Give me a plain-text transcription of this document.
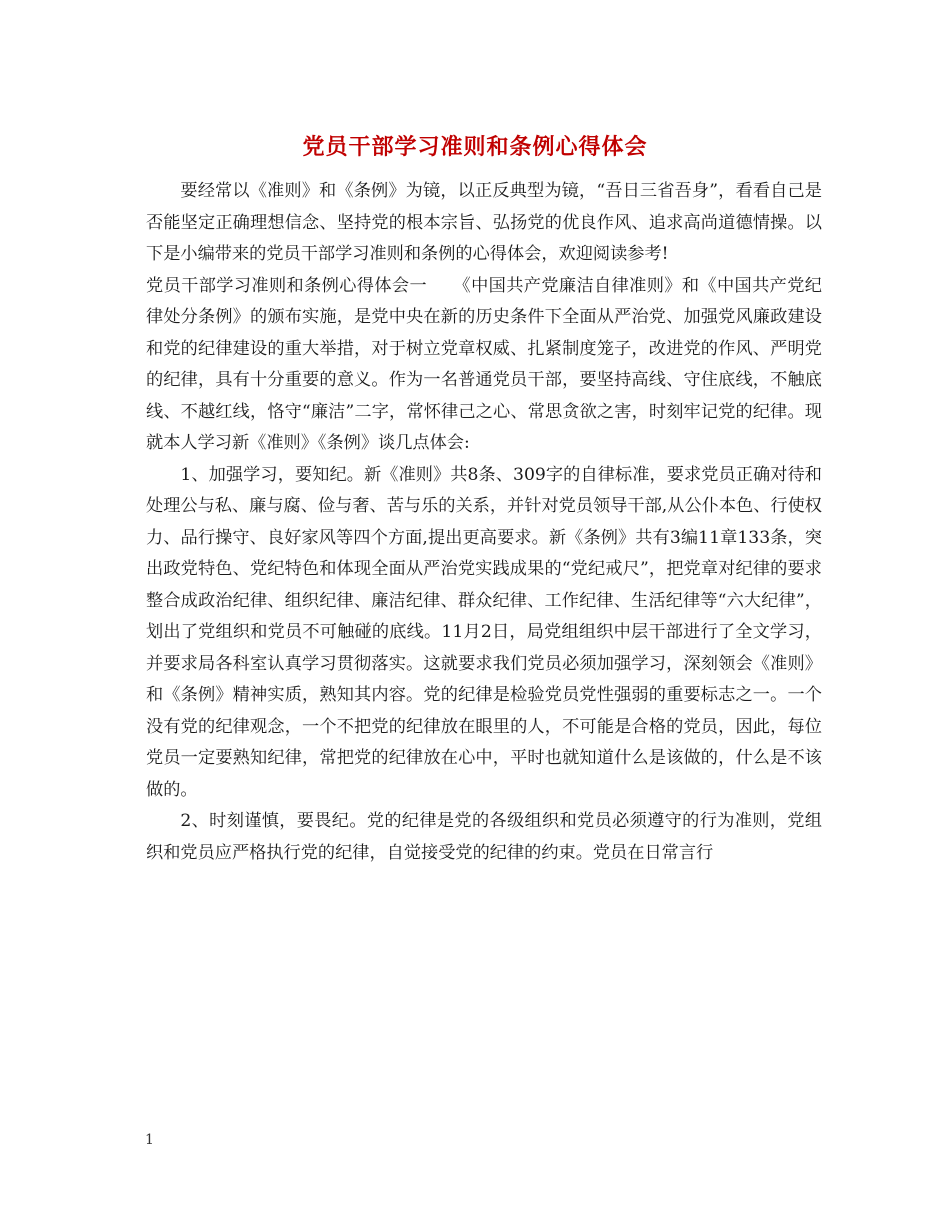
党员干部学习准则和条例心得体会

要经常以《准则》和《条例》为镜，以正反典型为镜，“吾日三省吾身”，看看自己是否能坚定正确理想信念、坚持党的根本宗旨、弘扬党的优良作风、追求高尚道德情操。以下是小编带来的党员干部学习准则和条例的心得体会，欢迎阅读参考!

党员干部学习准则和条例心得体会一　　《中国共产党廉洁自律准则》和《中国共产党纪律处分条例》的颁布实施，是党中央在新的历史条件下全面从严治党、加强党风廉政建设和党的纪律建设的重大举措，对于树立党章权威、扎紧制度笼子，改进党的作风、严明党的纪律，具有十分重要的意义。作为一名普通党员干部，要坚持高线、守住底线，不触底线、不越红线，恪守“廉洁”二字，常怀律己之心、常思贪欲之害，时刻牢记党的纪律。现就本人学习新《准则》《条例》谈几点体会:

1、加强学习，要知纪。新《准则》共8条、309字的自律标准，要求党员正确对待和处理公与私、廉与腐、俭与奢、苦与乐的关系，并针对党员领导干部,从公仆本色、行使权力、品行操守、良好家风等四个方面,提出更高要求。新《条例》共有3编11章133条，突出政党特色、党纪特色和体现全面从严治党实践成果的“党纪戒尺”，把党章对纪律的要求整合成政治纪律、组织纪律、廉洁纪律、群众纪律、工作纪律、生活纪律等“六大纪律”，划出了党组织和党员不可触碰的底线。11月2日，局党组组织中层干部进行了全文学习，并要求局各科室认真学习贯彻落实。这就要求我们党员必须加强学习，深刻领会《准则》和《条例》精神实质，熟知其内容。党的纪律是检验党员党性强弱的重要标志之一。一个没有党的纪律观念，一个不把党的纪律放在眼里的人，不可能是合格的党员，因此，每位党员一定要熟知纪律，常把党的纪律放在心中，平时也就知道什么是该做的，什么是不该做的。

2、时刻谨慎，要畏纪。党的纪律是党的各级组织和党员必须遵守的行为准则，党组织和党员应严格执行党的纪律，自觉接受党的纪律的约束。党员在日常言行

1
